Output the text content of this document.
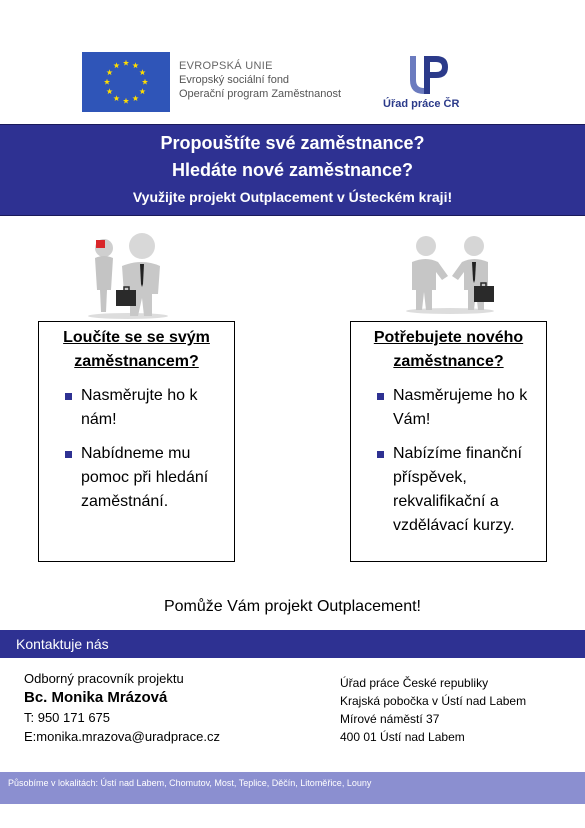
EVROPSKÁ UNIE
Evropský sociální fond
Operační program Zaměstnanost
Úřad práce ČR
Propouštíte své zaměstnance?
Hledáte nové zaměstnance?
Využijte projekt Outplacement v Ústeckém kraji!
Loučíte se se svým zaměstnancem?
Nasměrujte ho k nám!
Nabídneme mu pomoc při hledání zaměstnání.
Potřebujete nového zaměstnance?
Nasměrujeme ho k Vám!
Nabízíme finanční příspěvek, rekvalifikační a vzdělávací kurzy.
Pomůže Vám projekt Outplacement!
Kontaktuje nás
Odborný pracovník projektu
Bc. Monika Mrázová
T: 950 171 675
E:monika.mrazova@uradprace.cz
Úřad práce České republiky
Krajská pobočka v Ústí nad Labem
Mírové náměstí 37
400 01 Ústí nad Labem
Působíme v lokalitách: Ústí nad Labem, Chomutov, Most, Teplice, Děčín, Litoměřice, Louny
